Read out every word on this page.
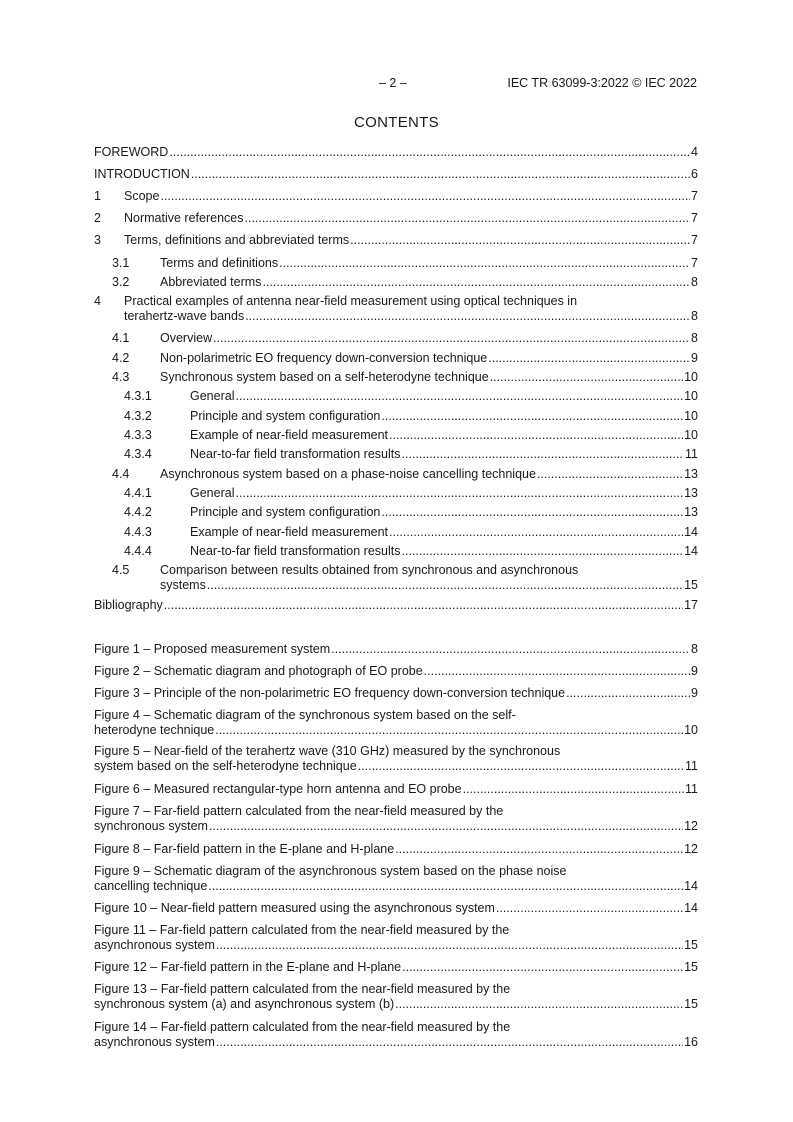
– 2 –	IEC TR 63099-3:2022 © IEC 2022
CONTENTS
FOREWORD .....	4
INTRODUCTION .....	6
1	Scope .....	7
2	Normative references .....	7
3	Terms, definitions and abbreviated terms .....	7
3.1	Terms and definitions .....	7
3.2	Abbreviated terms .....	8
4	Practical examples of antenna near-field measurement using optical techniques in
terahertz-wave bands .....	8
4.1	Overview .....	8
4.2	Non-polarimetric EO frequency down-conversion technique .....	9
4.3	Synchronous system based on a self-heterodyne technique .....	10
4.3.1	General .....	10
4.3.2	Principle and system configuration .....	10
4.3.3	Example of near-field measurement .....	10
4.3.4	Near-to-far field transformation results .....	11
4.4	Asynchronous system based on a phase-noise cancelling technique .....	13
4.4.1	General .....	13
4.4.2	Principle and system configuration .....	13
4.4.3	Example of near-field measurement .....	14
4.4.4	Near-to-far field transformation results .....	14
4.5	Comparison between results obtained from synchronous and asynchronous
systems .....	15
Bibliography .....	17
Figure 1 – Proposed measurement system .....	8
Figure 2 – Schematic diagram and photograph of EO probe .....	9
Figure 3 – Principle of the non-polarimetric EO frequency down-conversion technique .....	9
Figure 4 – Schematic diagram of the synchronous system based on the self-
heterodyne technique .....	10
Figure 5 – Near-field of the terahertz wave (310 GHz) measured by the synchronous
system based on the self-heterodyne technique .....	11
Figure 6 – Measured rectangular-type horn antenna and EO probe .....	11
Figure 7 – Far-field pattern calculated from the near-field measured by the
synchronous system .....	12
Figure 8 – Far-field pattern in the E-plane and H-plane .....	12
Figure 9 – Schematic diagram of the asynchronous system based on the phase noise
cancelling technique .....	14
Figure 10 – Near-field pattern measured using the asynchronous system .....	14
Figure 11 – Far-field pattern calculated from the near-field measured by the
asynchronous system .....	15
Figure 12 – Far-field pattern in the E-plane and H-plane .....	15
Figure 13 – Far-field pattern calculated from the near-field measured by the
synchronous system (a) and asynchronous system (b) .....	15
Figure 14 – Far-field pattern calculated from the near-field measured by the
asynchronous system .....	16
